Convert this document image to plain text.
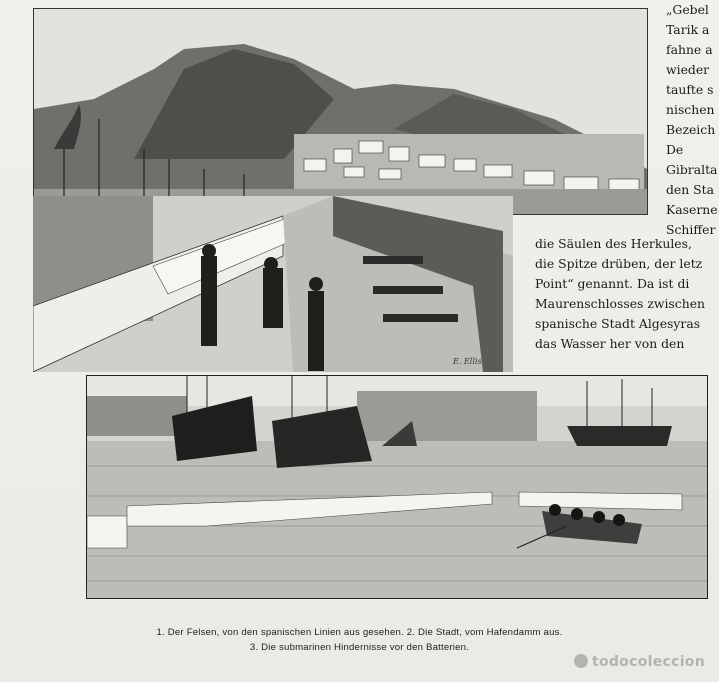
E. Ellis
„Gebel
Tarik a
fahne a
wieder
taufte s
nischen
Bezeich
De
Gibralta
den Sta
Kaserne
Schiffer
die Säulen des Herkules,
die Spitze drüben, der letz
Point“ genannt. Da ist di
Maurenschlosses zwischen
spanische Stadt Algesyras
das Wasser her von den
1. Der Felsen, von den spanischen Linien aus gesehen. 2. Die Stadt, vom Hafendamm aus.
3. Die submarinen Hindernisse vor den Batterien.
todocoleccion
